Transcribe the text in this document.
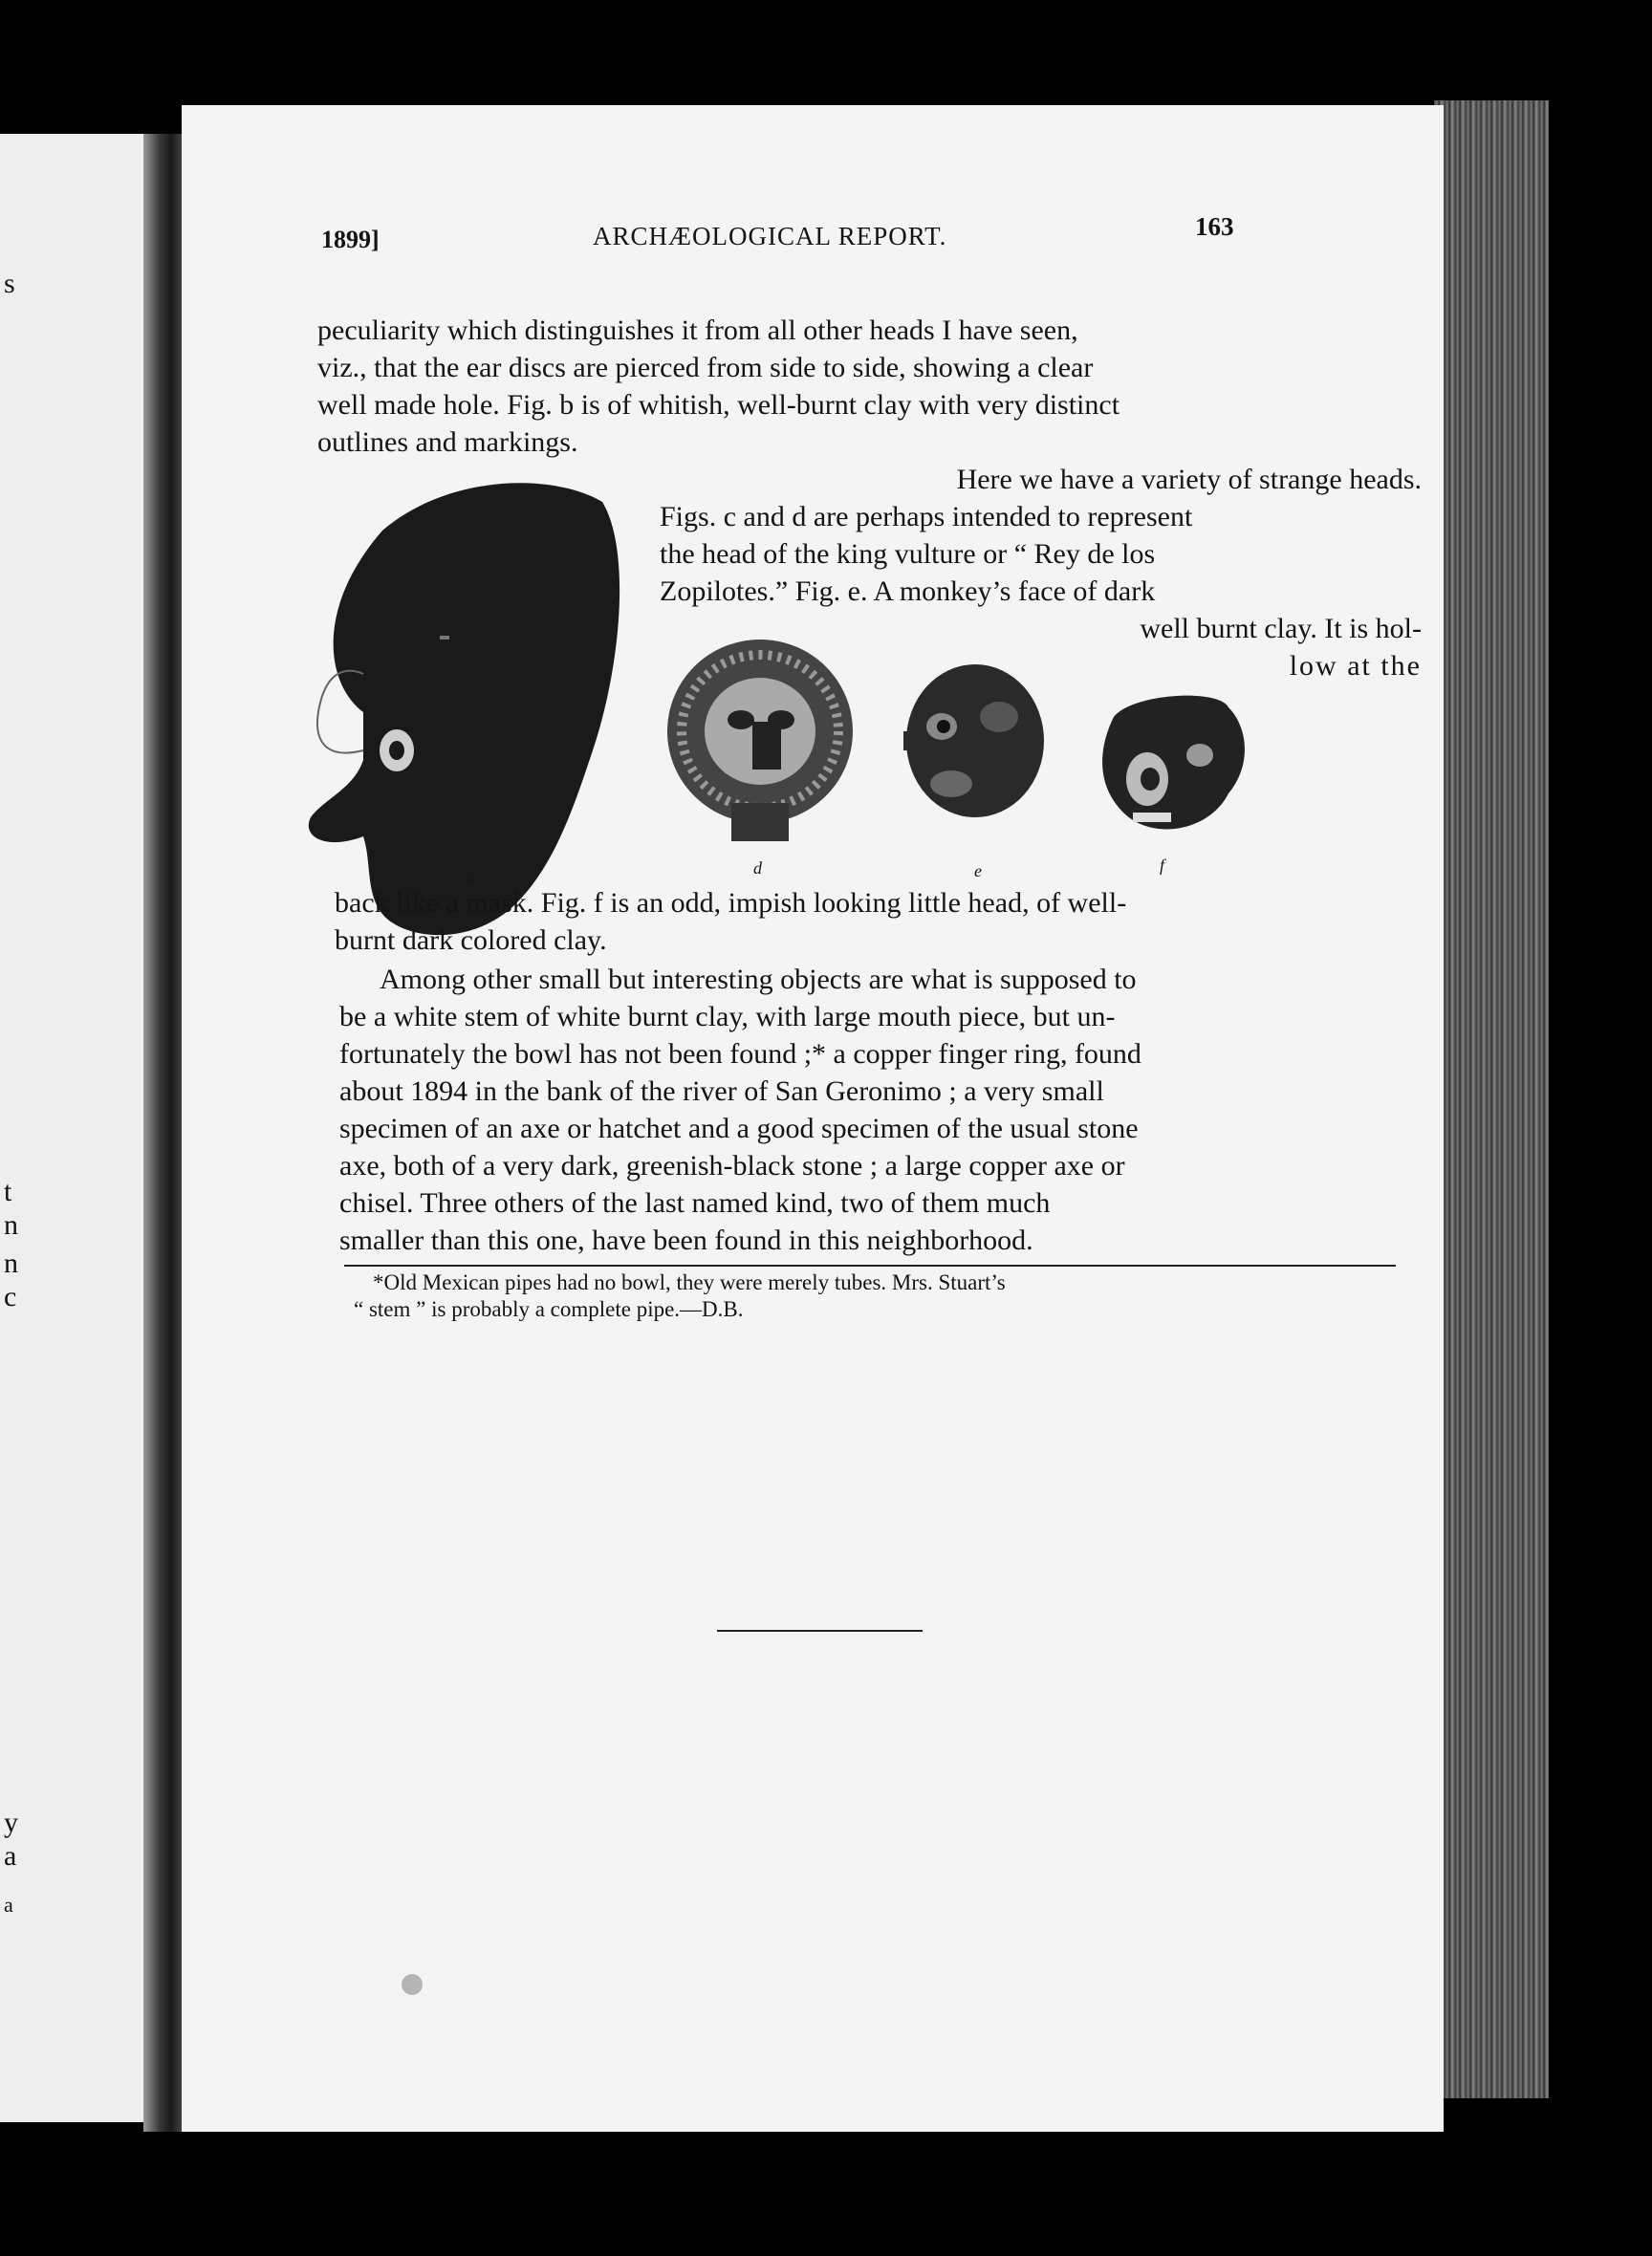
s
t
n
n
c
y
a
a
1899]	ARCHÆOLOGICAL REPORT.	163
peculiarity which distinguishes it from all other heads I have seen,
viz., that the ear discs are pierced from side to side, showing a clear
well made hole. Fig. b is of whitish, well-burnt clay with very distinct
outlines and markings.
Here we have a variety of strange heads.
Figs. c and d are perhaps intended to represent
the head of the king vulture or “ Rey de los
Zopilotes.” Fig. e. A monkey’s face of dark
well burnt clay. It is hol-
low at the
c	d	e	f
back like a mask. Fig. f is an odd, impish looking little head, of well-
burnt dark colored clay.
Among other small but interesting objects are what is supposed to
be a white stem of white burnt clay, with large mouth piece, but un-
fortunately the bowl has not been found ;* a copper finger ring, found
about 1894 in the bank of the river of San Geronimo ; a very small
specimen of an axe or hatchet and a good specimen of the usual stone
axe, both of a very dark, greenish-black stone ; a large copper axe or
chisel. Three others of the last named kind, two of them much
smaller than this one, have been found in this neighborhood.
*Old Mexican pipes had no bowl, they were merely tubes. Mrs. Stuart’s
“ stem ” is probably a complete pipe.—D.B.
